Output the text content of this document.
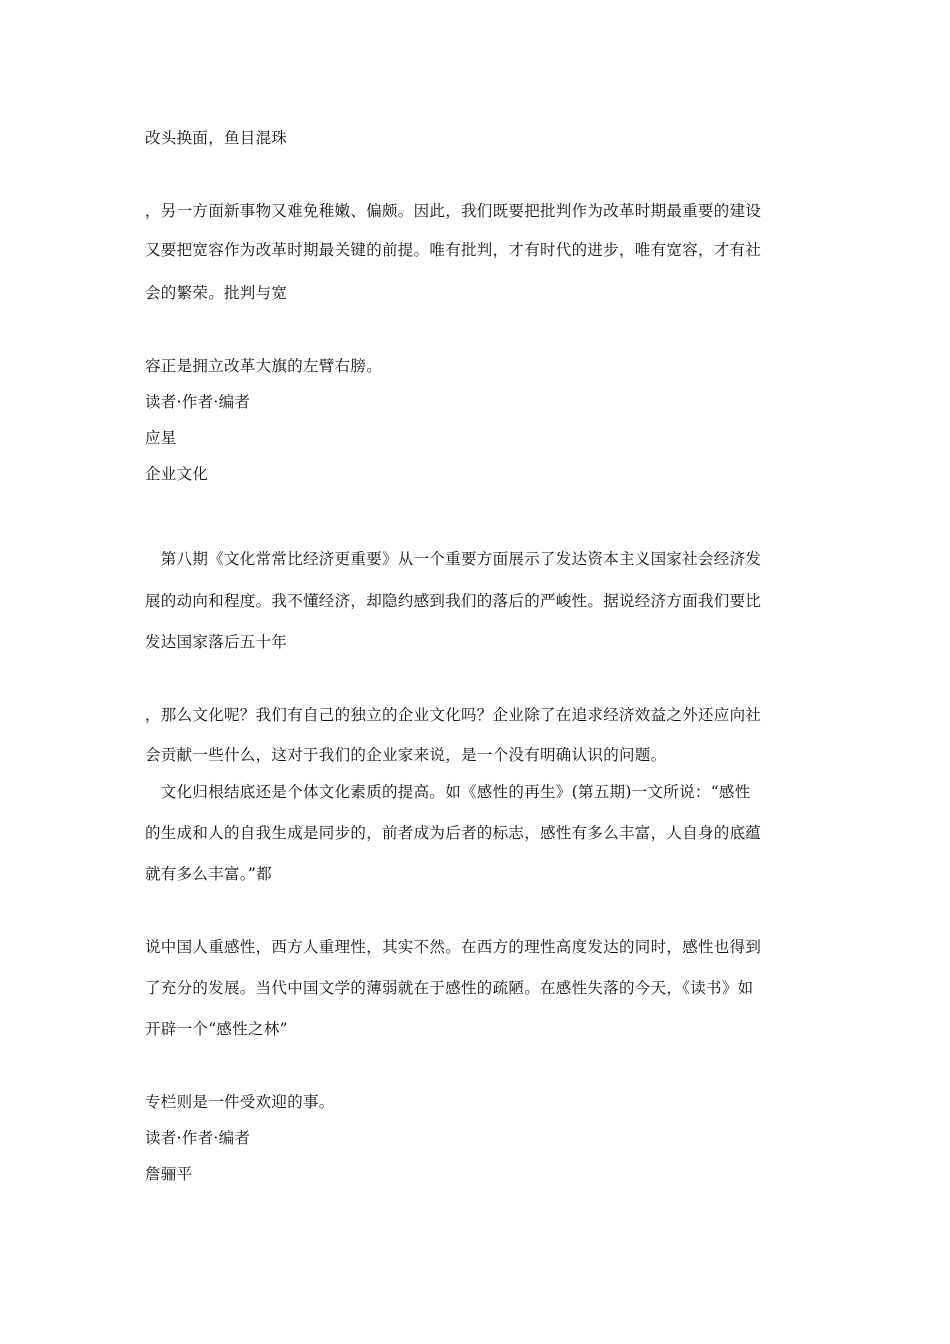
改头换面，鱼目混珠
，另一方面新事物又难免稚嫩、偏颇。因此，我们既要把批判作为改革时期最重要的建设
又要把宽容作为改革时期最关键的前提。唯有批判，才有时代的进步，唯有宽容，才有社
会的繁荣。批判与宽
容正是拥立改革大旗的左臂右膀。
读者·作者·编者
应星
企业文化
　第八期《文化常常比经济更重要》从一个重要方面展示了发达资本主义国家社会经济发
展的动向和程度。我不懂经济，却隐约感到我们的落后的严峻性。据说经济方面我们要比
发达国家落后五十年
，那么文化呢？我们有自己的独立的企业文化吗？企业除了在追求经济效益之外还应向社
会贡献一些什么，这对于我们的企业家来说，是一个没有明确认识的问题。
　文化归根结底还是个体文化素质的提高。如《感性的再生》(第五期)一文所说：“感性
的生成和人的自我生成是同步的，前者成为后者的标志，感性有多么丰富，人自身的底蕴
就有多么丰富。”都
说中国人重感性，西方人重理性，其实不然。在西方的理性高度发达的同时，感性也得到
了充分的发展。当代中国文学的薄弱就在于感性的疏陋。在感性失落的今天，《读书》如
开辟一个“感性之林”
专栏则是一件受欢迎的事。
读者·作者·编者
詹骊平
